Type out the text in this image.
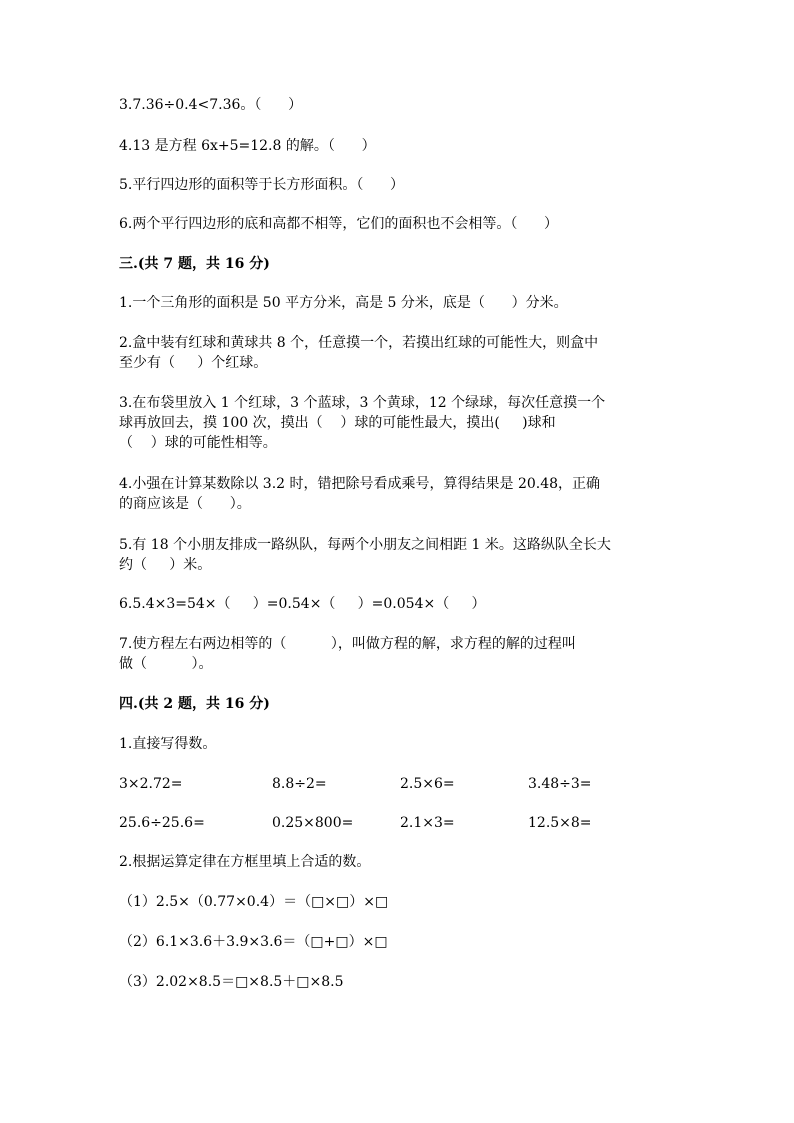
3.7.36÷0.4<7.36。（      ）
4.13 是方程 6x+5=12.8 的解。（      ）
5.平行四边形的面积等于长方形面积。（      ）
6.两个平行四边形的底和高都不相等，它们的面积也不会相等。（      ）
三.(共 7 题，共 16 分)
1.一个三角形的面积是 50 平方分米，高是 5 分米，底是（      ）分米。
2.盒中装有红球和黄球共 8 个，任意摸一个，若摸出红球的可能性大，则盒中
至少有（     ）个红球。
3.在布袋里放入 1 个红球，3 个蓝球，3 个黄球，12 个绿球，每次任意摸一个
球再放回去，摸 100 次，摸出（    ）球的可能性最大，摸出(     )球和
（    ）球的可能性相等。
4.小强在计算某数除以 3.2 时，错把除号看成乘号，算得结果是 20.48，正确
的商应该是（      ）。
5.有 18 个小朋友排成一路纵队，每两个小朋友之间相距 1 米。这路纵队全长大
约（     ）米。
6.5.4×3=54×（     ）=0.54×（     ）=0.054×（     ）
7.使方程左右两边相等的（          ），叫做方程的解，求方程的解的过程叫
做（          ）。
四.(共 2 题，共 16 分)
1.直接写得数。
3×2.72=	8.8÷2=	2.5×6=	3.48÷3=
25.6÷25.6=	0.25×800=	2.1×3=	12.5×8=
2.根据运算定律在方框里填上合适的数。
（1）2.5×（0.77×0.4）＝（□×□）×□
（2）6.1×3.6＋3.9×3.6＝（□+□）×□
（3）2.02×8.5＝□×8.5＋□×8.5
